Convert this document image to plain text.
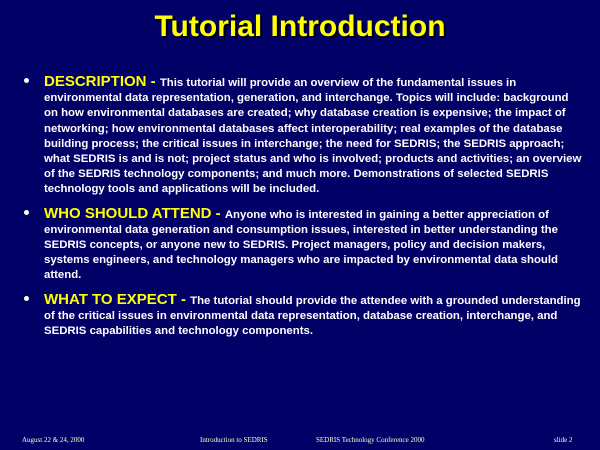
Tutorial Introduction
DESCRIPTION - This tutorial will provide an overview of the fundamental issues in environmental data representation, generation, and interchange. Topics will include: background on how environmental databases are created; why database creation is expensive; the impact of networking; how environmental databases affect interoperability; real examples of the database building process; the critical issues in interchange; the need for SEDRIS; the SEDRIS approach; what SEDRIS is and is not; project status and who is involved; products and activities; an overview of the SEDRIS technology components; and much more. Demonstrations of selected SEDRIS technology tools and applications will be included.
WHO SHOULD ATTEND - Anyone who is interested in gaining a better appreciation of environmental data generation and consumption issues, interested in better understanding the SEDRIS concepts, or anyone new to SEDRIS. Project managers, policy and decision makers, systems engineers, and technology managers who are impacted by environmental data should attend.
WHAT TO EXPECT - The tutorial should provide the attendee with a grounded understanding of the critical issues in environmental data representation, database creation, interchange, and SEDRIS capabilities and technology components.
August 22 & 24, 2000	Introduction to SEDRIS	SEDRIS Technology Conference 2000	slide 2
